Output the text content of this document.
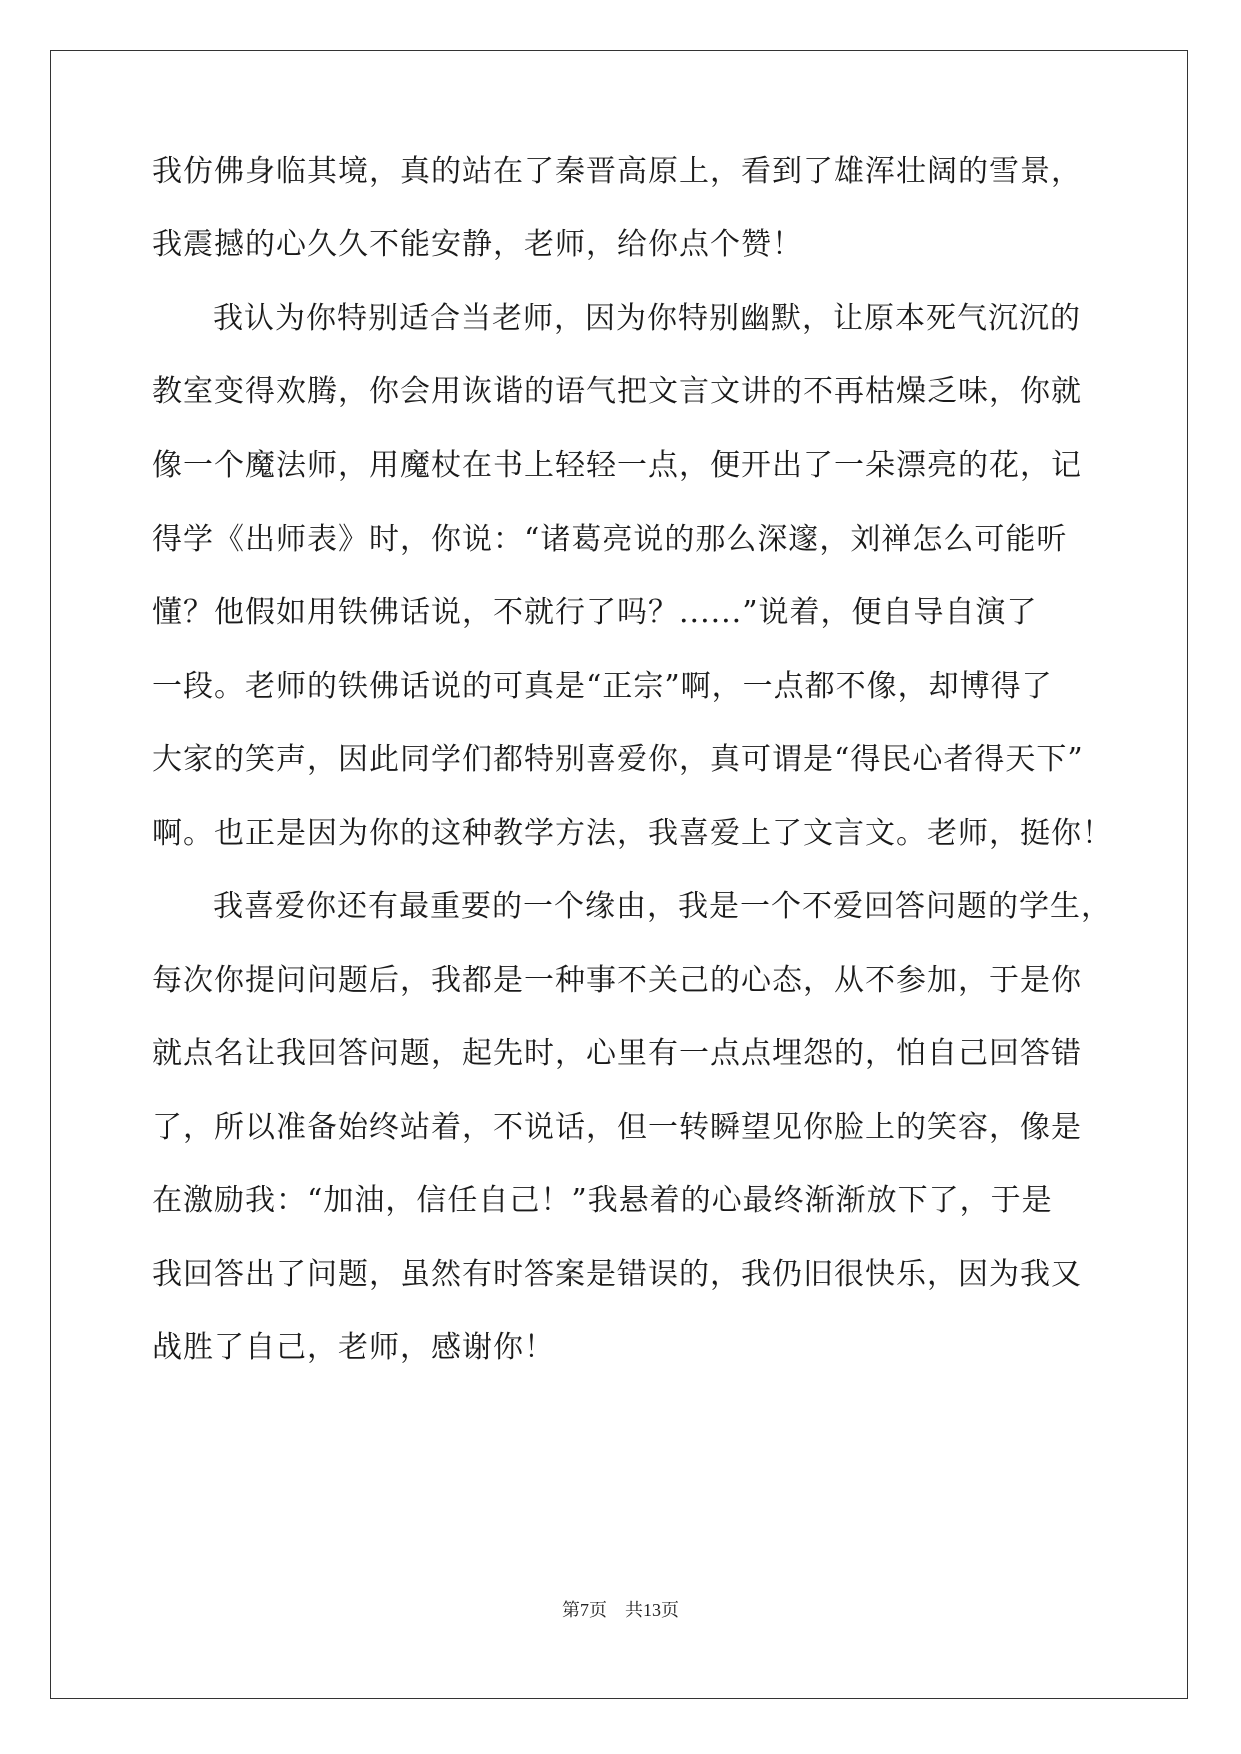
我仿佛身临其境，真的站在了秦晋高原上，看到了雄浑壮阔的雪景，
我震撼的心久久不能安静，老师，给你点个赞！
我认为你特别适合当老师，因为你特别幽默，让原本死气沉沉的
教室变得欢腾，你会用诙谐的语气把文言文讲的不再枯燥乏味，你就
像一个魔法师，用魔杖在书上轻轻一点，便开出了一朵漂亮的花，记
得学《出师表》时，你说：“诸葛亮说的那么深邃，刘禅怎么可能听
懂？他假如用铁佛话说，不就行了吗？......”说着，便自导自演了
一段。老师的铁佛话说的可真是“正宗”啊，一点都不像，却博得了
大家的笑声，因此同学们都特别喜爱你，真可谓是“得民心者得天下”
啊。也正是因为你的这种教学方法，我喜爱上了文言文。老师，挺你！
我喜爱你还有最重要的一个缘由，我是一个不爱回答问题的学生，
每次你提问问题后，我都是一种事不关己的心态，从不参加，于是你
就点名让我回答问题，起先时，心里有一点点埋怨的，怕自己回答错
了，所以准备始终站着，不说话，但一转瞬望见你脸上的笑容，像是
在激励我：“加油，信任自己！”我悬着的心最终渐渐放下了，于是
我回答出了问题，虽然有时答案是错误的，我仍旧很快乐，因为我又
战胜了自己，老师，感谢你！
第7页　共13页
